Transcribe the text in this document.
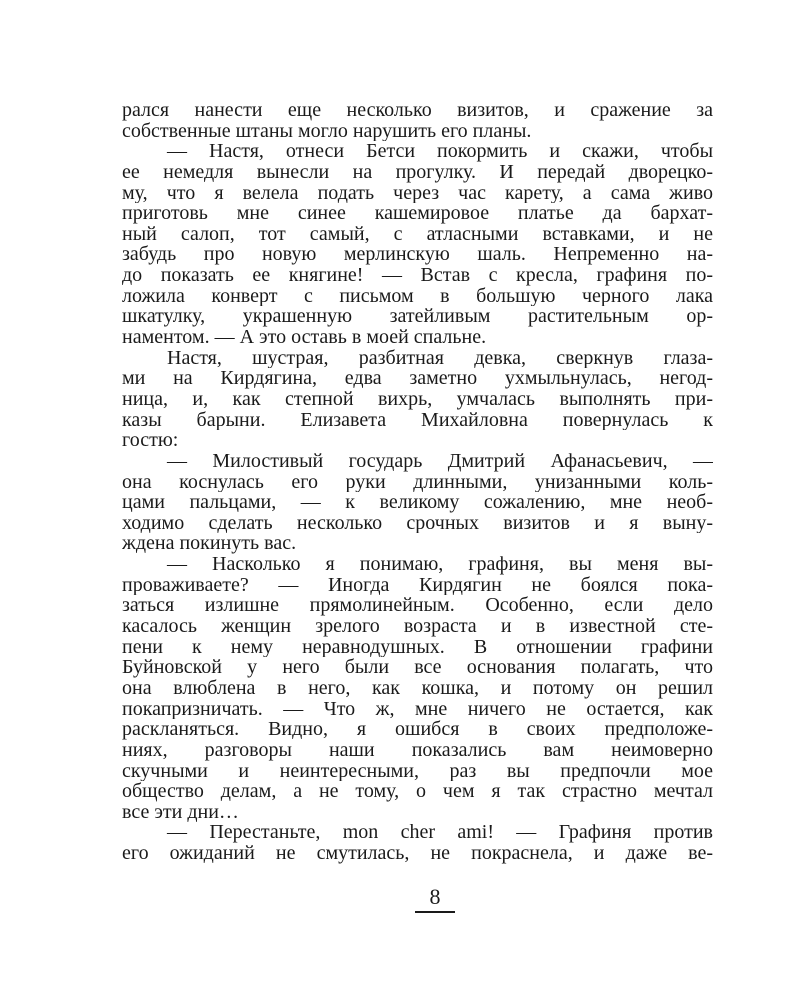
рался нанести еще несколько визитов, и сражение за
собственные штаны могло нарушить его планы.
— Настя, отнеси Бетси покормить и скажи, чтобы
ее немедля вынесли на прогулку. И передай дворецко-
му, что я велела подать через час карету, а сама живо
приготовь мне синее кашемировое платье да бархат-
ный салоп, тот самый, с атласными вставками, и не
забудь про новую мерлинскую шаль. Непременно на-
до показать ее княгине! — Встав с кресла, графиня по-
ложила конверт с письмом в большую черного лака
шкатулку, украшенную затейливым растительным ор-
наментом. — А это оставь в моей спальне.
Настя, шустрая, разбитная девка, сверкнув глаза-
ми на Кирдягина, едва заметно ухмыльнулась, негод-
ница, и, как степной вихрь, умчалась выполнять при-
казы барыни. Елизавета Михайловна повернулась к
гостю:
— Милостивый государь Дмитрий Афанасьевич, —
она коснулась его руки длинными, унизанными коль-
цами пальцами, — к великому сожалению, мне необ-
ходимо сделать несколько срочных визитов и я выну-
ждена покинуть вас.
— Насколько я понимаю, графиня, вы меня вы-
проваживаете? — Иногда Кирдягин не боялся пока-
заться излишне прямолинейным. Особенно, если дело
касалось женщин зрелого возраста и в известной сте-
пени к нему неравнодушных. В отношении графини
Буйновской у него были все основания полагать, что
она влюблена в него, как кошка, и потому он решил
покапризничать. — Что ж, мне ничего не остается, как
раскланяться. Видно, я ошибся в своих предположе-
ниях, разговоры наши показались вам неимоверно
скучными и неинтересными, раз вы предпочли мое
общество делам, а не тому, о чем я так страстно мечтал
все эти дни…
— Перестаньте, mon cher ami! — Графиня против
его ожиданий не смутилась, не покраснела, и даже ве-
8
